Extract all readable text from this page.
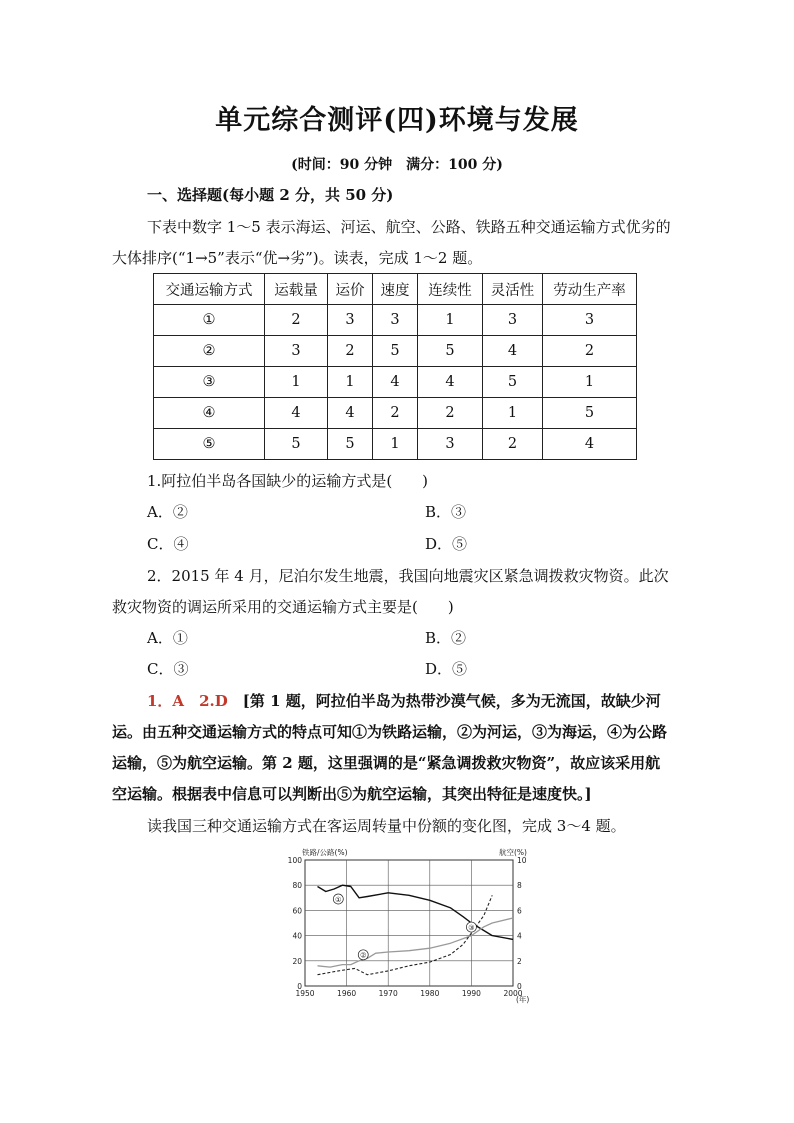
单元综合测评(四)环境与发展
(时间：90 分钟　满分：100 分)
一、选择题(每小题 2 分，共 50 分)
下表中数字 1～5 表示海运、河运、航空、公路、铁路五种交通运输方式优劣的大体排序(“1→5”表示“优→劣”)。读表，完成 1～2 题。
交通运输方式	运载量	运价	速度	连续性	灵活性	劳动生产率
①	2	3	3	1	3	3
②	3	2	5	5	4	2
③	1	1	4	4	5	1
④	4	4	2	2	1	5
⑤	5	5	1	3	2	4
1.阿拉伯半岛各国缺少的运输方式是(　　)
A．②	B．③
C．④	D．⑤
2．2015 年 4 月，尼泊尔发生地震，我国向地震灾区紧急调拨救灾物资。此次救灾物资的调运所采用的交通运输方式主要是(　　)
A．①	B．②
C．③	D．⑤
1．A　2.D　 [第 1 题，阿拉伯半岛为热带沙漠气候，多为无流国，故缺少河运。由五种交通运输方式的特点可知①为铁路运输，②为河运，③为海运，④为公路运输，⑤为航空运输。第 2 题，这里强调的是“紧急调拨救灾物资”，故应该采用航空运输。根据表中信息可以判断出⑤为航空运输，其突出特征是速度快。]
读我国三种交通运输方式在客运周转量中份额的变化图，完成 3～4 题。
铁路/公路(%)	航空(%)
(年)
1950	1960	1970	1980	1990	2000
0
20
40
60
80
100
0
2
4
6
8
10
①
②
③
